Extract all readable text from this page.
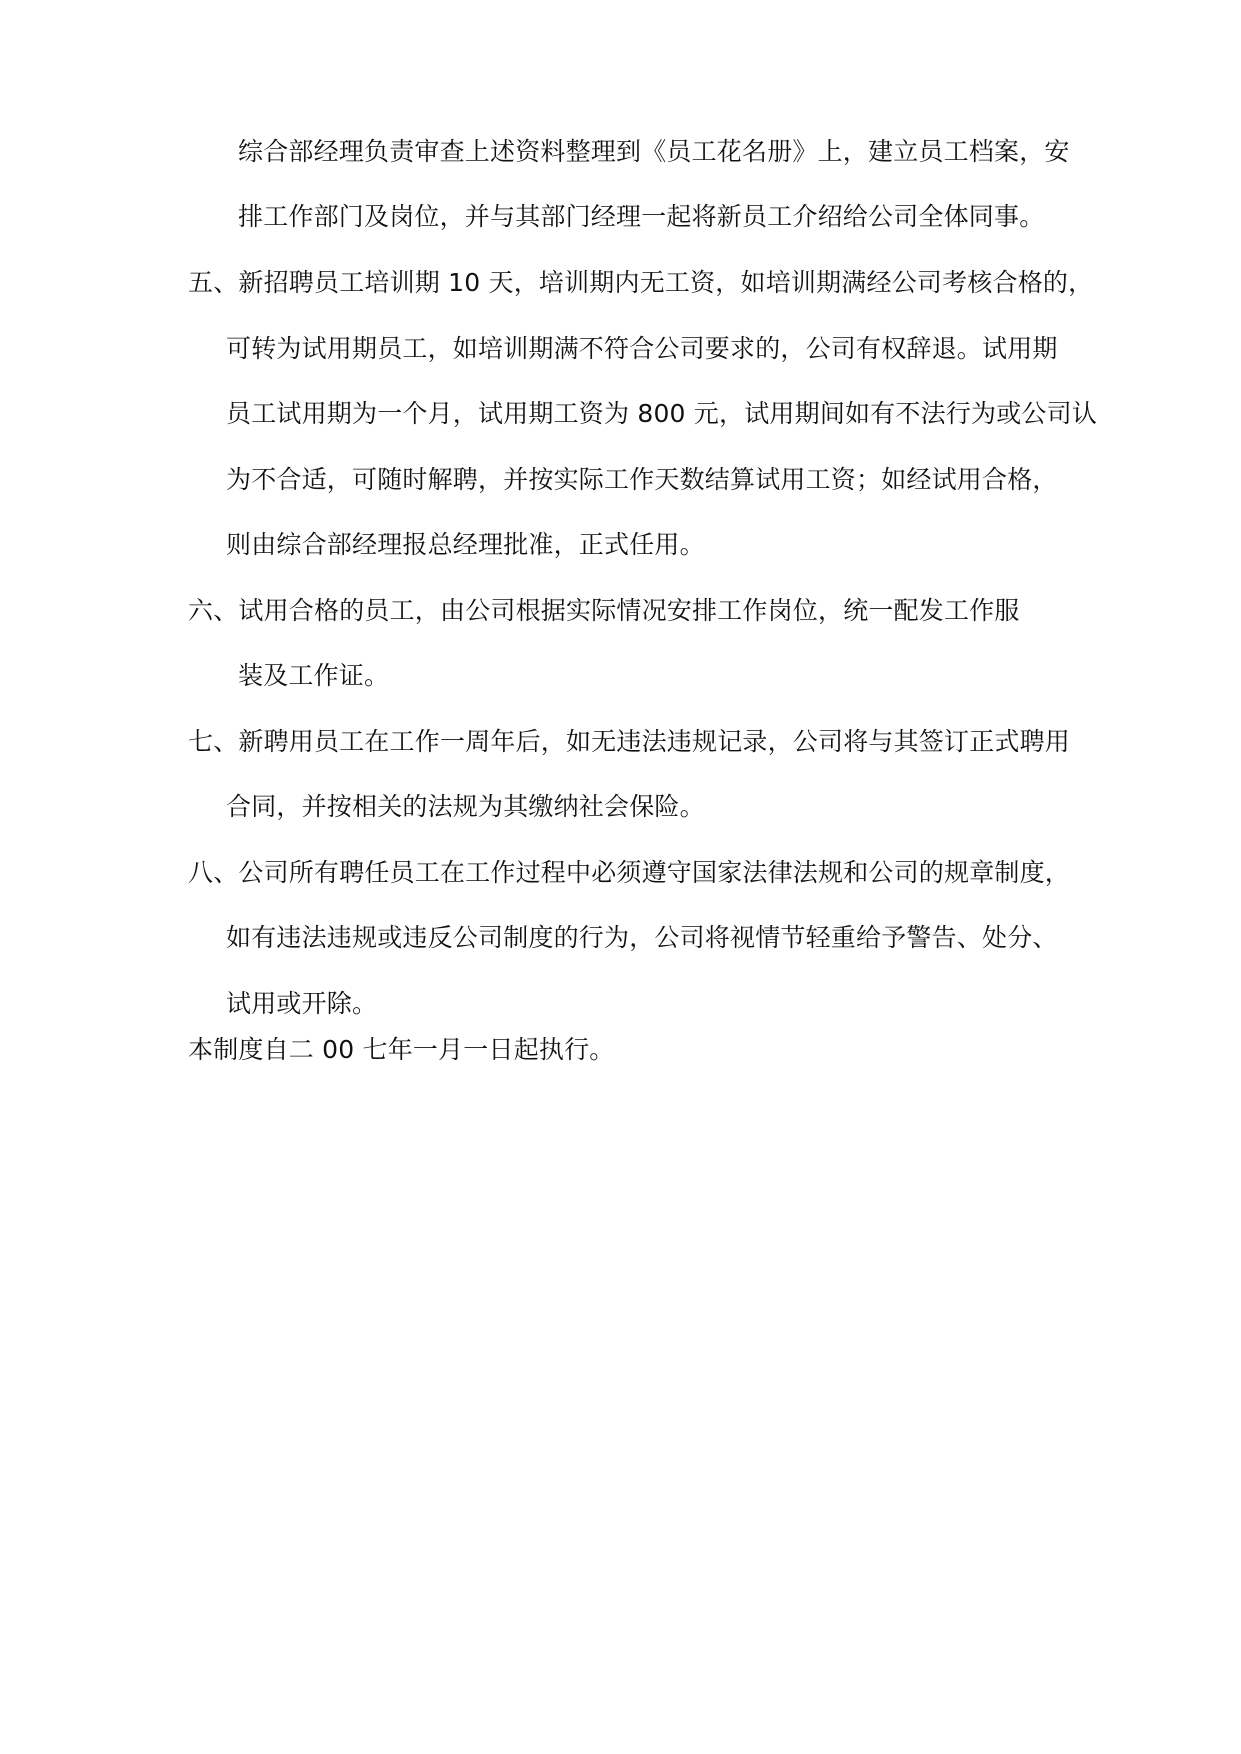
综合部经理负责审查上述资料整理到《员工花名册》上，建立员工档案，安
排工作部门及岗位，并与其部门经理一起将新员工介绍给公司全体同事。
五、新招聘员工培训期 10 天，培训期内无工资，如培训期满经公司考核合格的，
可转为试用期员工，如培训期满不符合公司要求的，公司有权辞退。试用期
员工试用期为一个月，试用期工资为 800 元，试用期间如有不法行为或公司认
为不合适，可随时解聘，并按实际工作天数结算试用工资；如经试用合格，
则由综合部经理报总经理批准，正式任用。
六、试用合格的员工，由公司根据实际情况安排工作岗位，统一配发工作服
装及工作证。
七、新聘用员工在工作一周年后，如无违法违规记录，公司将与其签订正式聘用
合同，并按相关的法规为其缴纳社会保险。
八、公司所有聘任员工在工作过程中必须遵守国家法律法规和公司的规章制度，
如有违法违规或违反公司制度的行为，公司将视情节轻重给予警告、处分、
试用或开除。
本制度自二 00 七年一月一日起执行。
